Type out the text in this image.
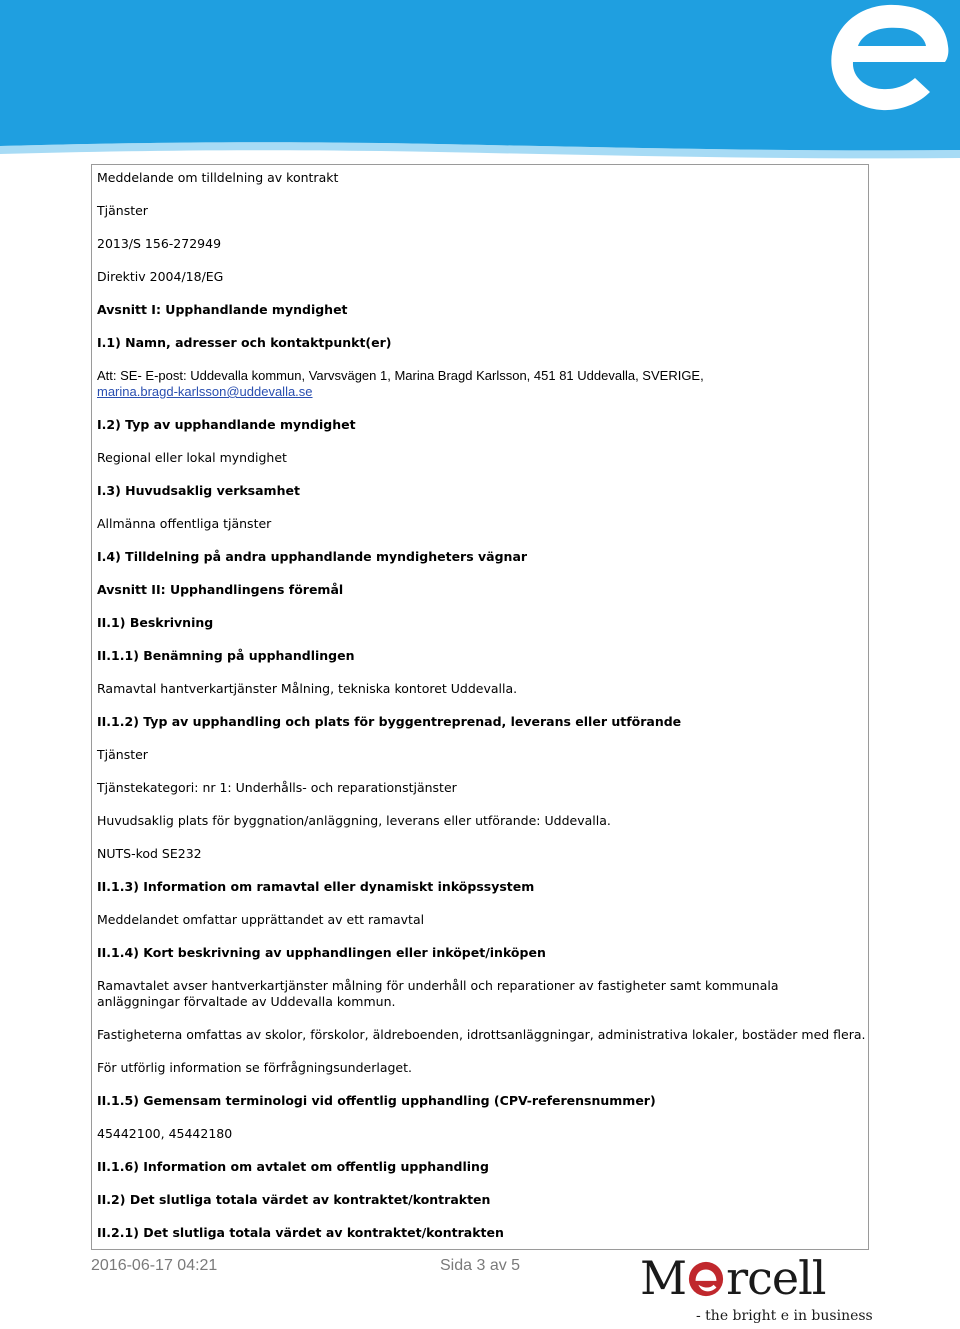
Meddelande om tilldelning av kontrakt
Tjänster
2013/S 156-272949
Direktiv 2004/18/EG
Avsnitt I: Upphandlande myndighet
I.1) Namn, adresser och kontaktpunkt(er)
Att: SE- E-post: Uddevalla kommun, Varvsvägen 1, Marina Bragd Karlsson, 451 81 Uddevalla, SVERIGE,
marina.bragd-karlsson@uddevalla.se
I.2) Typ av upphandlande myndighet
Regional eller lokal myndighet
I.3) Huvudsaklig verksamhet
Allmänna offentliga tjänster
I.4) Tilldelning på andra upphandlande myndigheters vägnar
Avsnitt II: Upphandlingens föremål
II.1) Beskrivning
II.1.1) Benämning på upphandlingen
Ramavtal hantverkartjänster Målning, tekniska kontoret Uddevalla.
II.1.2) Typ av upphandling och plats för byggentreprenad, leverans eller utförande
Tjänster
Tjänstekategori: nr 1: Underhålls- och reparationstjänster
Huvudsaklig plats för byggnation/anläggning, leverans eller utförande: Uddevalla.
NUTS-kod SE232
II.1.3) Information om ramavtal eller dynamiskt inköpssystem
Meddelandet omfattar upprättandet av ett ramavtal
II.1.4) Kort beskrivning av upphandlingen eller inköpet/inköpen
Ramavtalet avser hantverkartjänster målning för underhåll och reparationer av fastigheter samt kommunala anläggningar förvaltade av Uddevalla kommun.
Fastigheterna omfattas av skolor, förskolor, äldreboenden, idrottsanläggningar, administrativa lokaler, bostäder med flera.
För utförlig information se förfrågningsunderlaget.
II.1.5) Gemensam terminologi vid offentlig upphandling (CPV-referensnummer)
45442100, 45442180
II.1.6) Information om avtalet om offentlig upphandling
II.2) Det slutliga totala värdet av kontraktet/kontrakten
II.2.1) Det slutliga totala värdet av kontraktet/kontrakten
2016-06-17 04:21	Sida 3 av 5	M rcell
- the bright e in business
